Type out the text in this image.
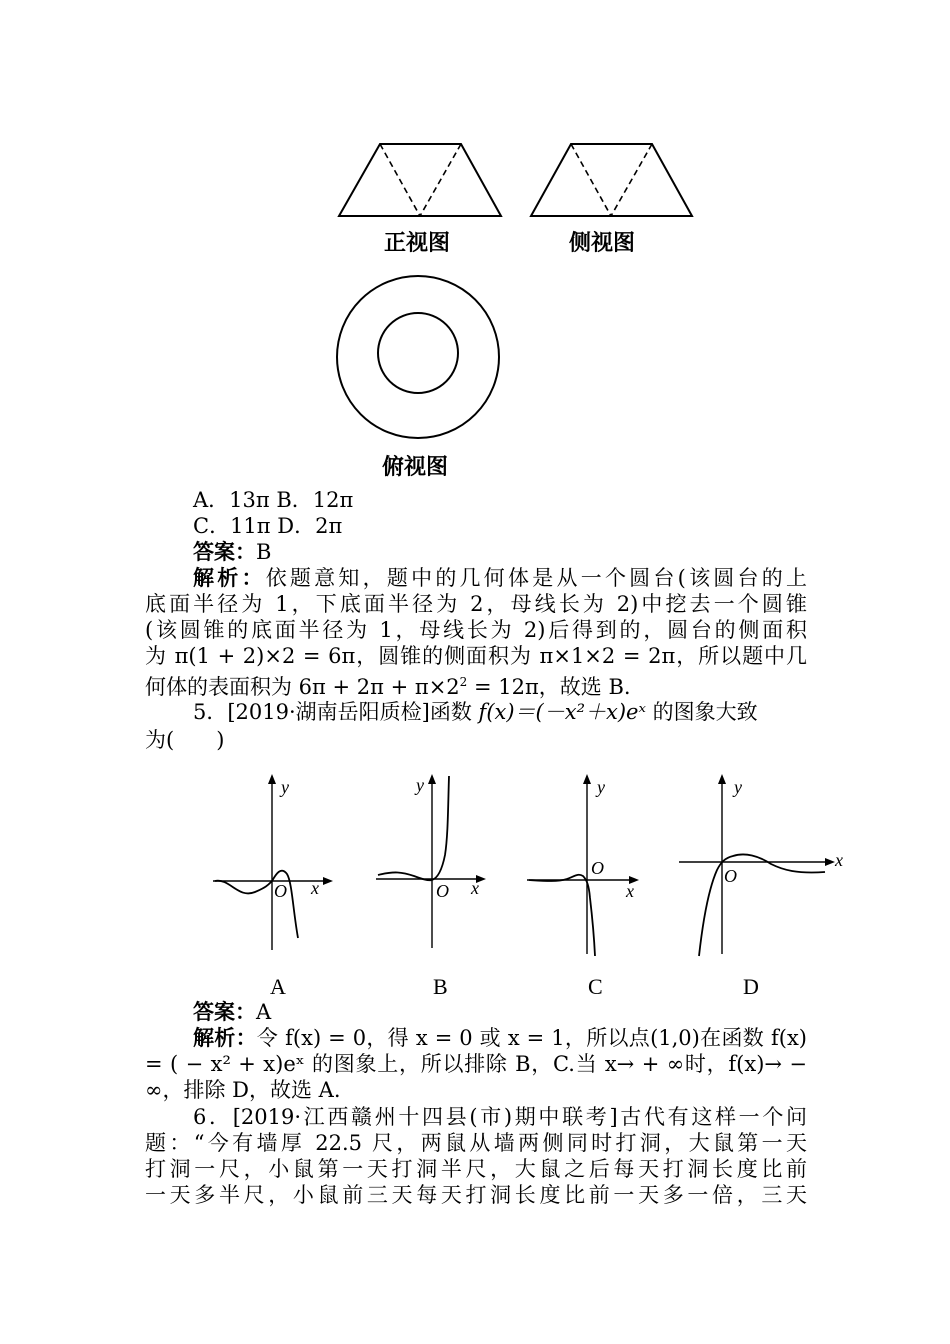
正视图	侧视图
俯视图
A．13π B．12π
C．11π D．2π
答案：B
解析：依题意知，题中的几何体是从一个圆台(该圆台的上
底面半径为 1，下底面半径为 2，母线长为 2)中挖去一个圆锥
(该圆锥的底面半径为 1，母线长为 2)后得到的，圆台的侧面积
为 π(1 + 2)×2 = 6π，圆锥的侧面积为 π×1×2 = 2π，所以题中几
何体的表面积为 $6\pi + 2\pi + \pi\times 2^2 = 12\pi$，故选 B.
5．[2019·湖南岳阳质检]函数 f(x)＝(－x²＋x)eˣ 的图象大致
为(　　)
y
x
O
y
x
O
y
x
O
y
x
O
A	B	C	D
答案：A
解析：令 f(x) = 0，得 x = 0 或 x = 1，所以点(1,0)在函数 f(x)
= ( − x² + x)eˣ 的图象上，所以排除 B，C.当 x→ + ∞时，f(x)→ −
∞，排除 D，故选 A.
6．[2019·江西赣州十四县(市)期中联考]古代有这样一个问
题：“今有墙厚 22.5 尺，两鼠从墙两侧同时打洞，大鼠第一天
打洞一尺，小鼠第一天打洞半尺，大鼠之后每天打洞长度比前
一天多半尺，小鼠前三天每天打洞长度比前一天多一倍，三天
